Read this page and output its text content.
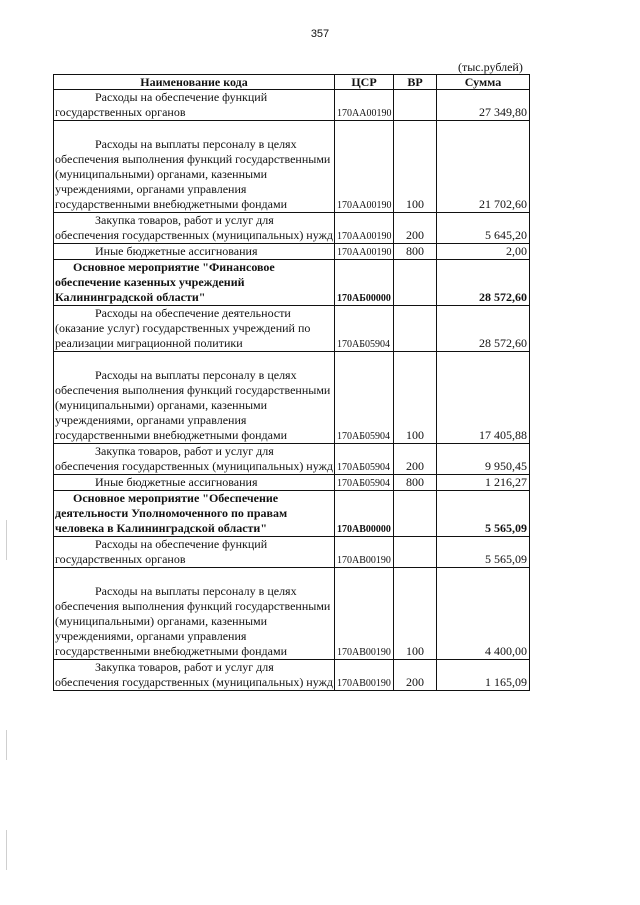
357
(тыс.рублей)
Наименование кода	ЦСР	ВР	Сумма
Расходы на обеспечение функций государственных органов	170АА00190		27 349,80
Расходы на выплаты персоналу в целях обеспечения выполнения функций государственными (муниципальными) органами, казенными учреждениями, органами управления государственными внебюджетными фондами	170АА00190	100	21 702,60
Закупка товаров, работ и услуг для обеспечения государственных (муниципальных) нужд	170АА00190	200	5 645,20
Иные бюджетные ассигнования	170АА00190	800	2,00
Основное мероприятие "Финансовое обеспечение казенных учреждений Калининградской области"	170АБ00000		28 572,60
Расходы на обеспечение деятельности (оказание услуг) государственных учреждений по реализации миграционной политики	170АБ05904		28 572,60
Расходы на выплаты персоналу в целях обеспечения выполнения функций государственными (муниципальными) органами, казенными учреждениями, органами управления государственными внебюджетными фондами	170АБ05904	100	17 405,88
Закупка товаров, работ и услуг для обеспечения государственных (муниципальных) нужд	170АБ05904	200	9 950,45
Иные бюджетные ассигнования	170АБ05904	800	1 216,27
Основное мероприятие "Обеспечение деятельности Уполномоченного по правам человека в Калининградской области"	170АВ00000		5 565,09
Расходы на обеспечение функций государственных органов	170АВ00190		5 565,09
Расходы на выплаты персоналу в целях обеспечения выполнения функций государственными (муниципальными) органами, казенными учреждениями, органами управления государственными внебюджетными фондами	170АВ00190	100	4 400,00
Закупка товаров, работ и услуг для обеспечения государственных (муниципальных) нужд	170АВ00190	200	1 165,09
